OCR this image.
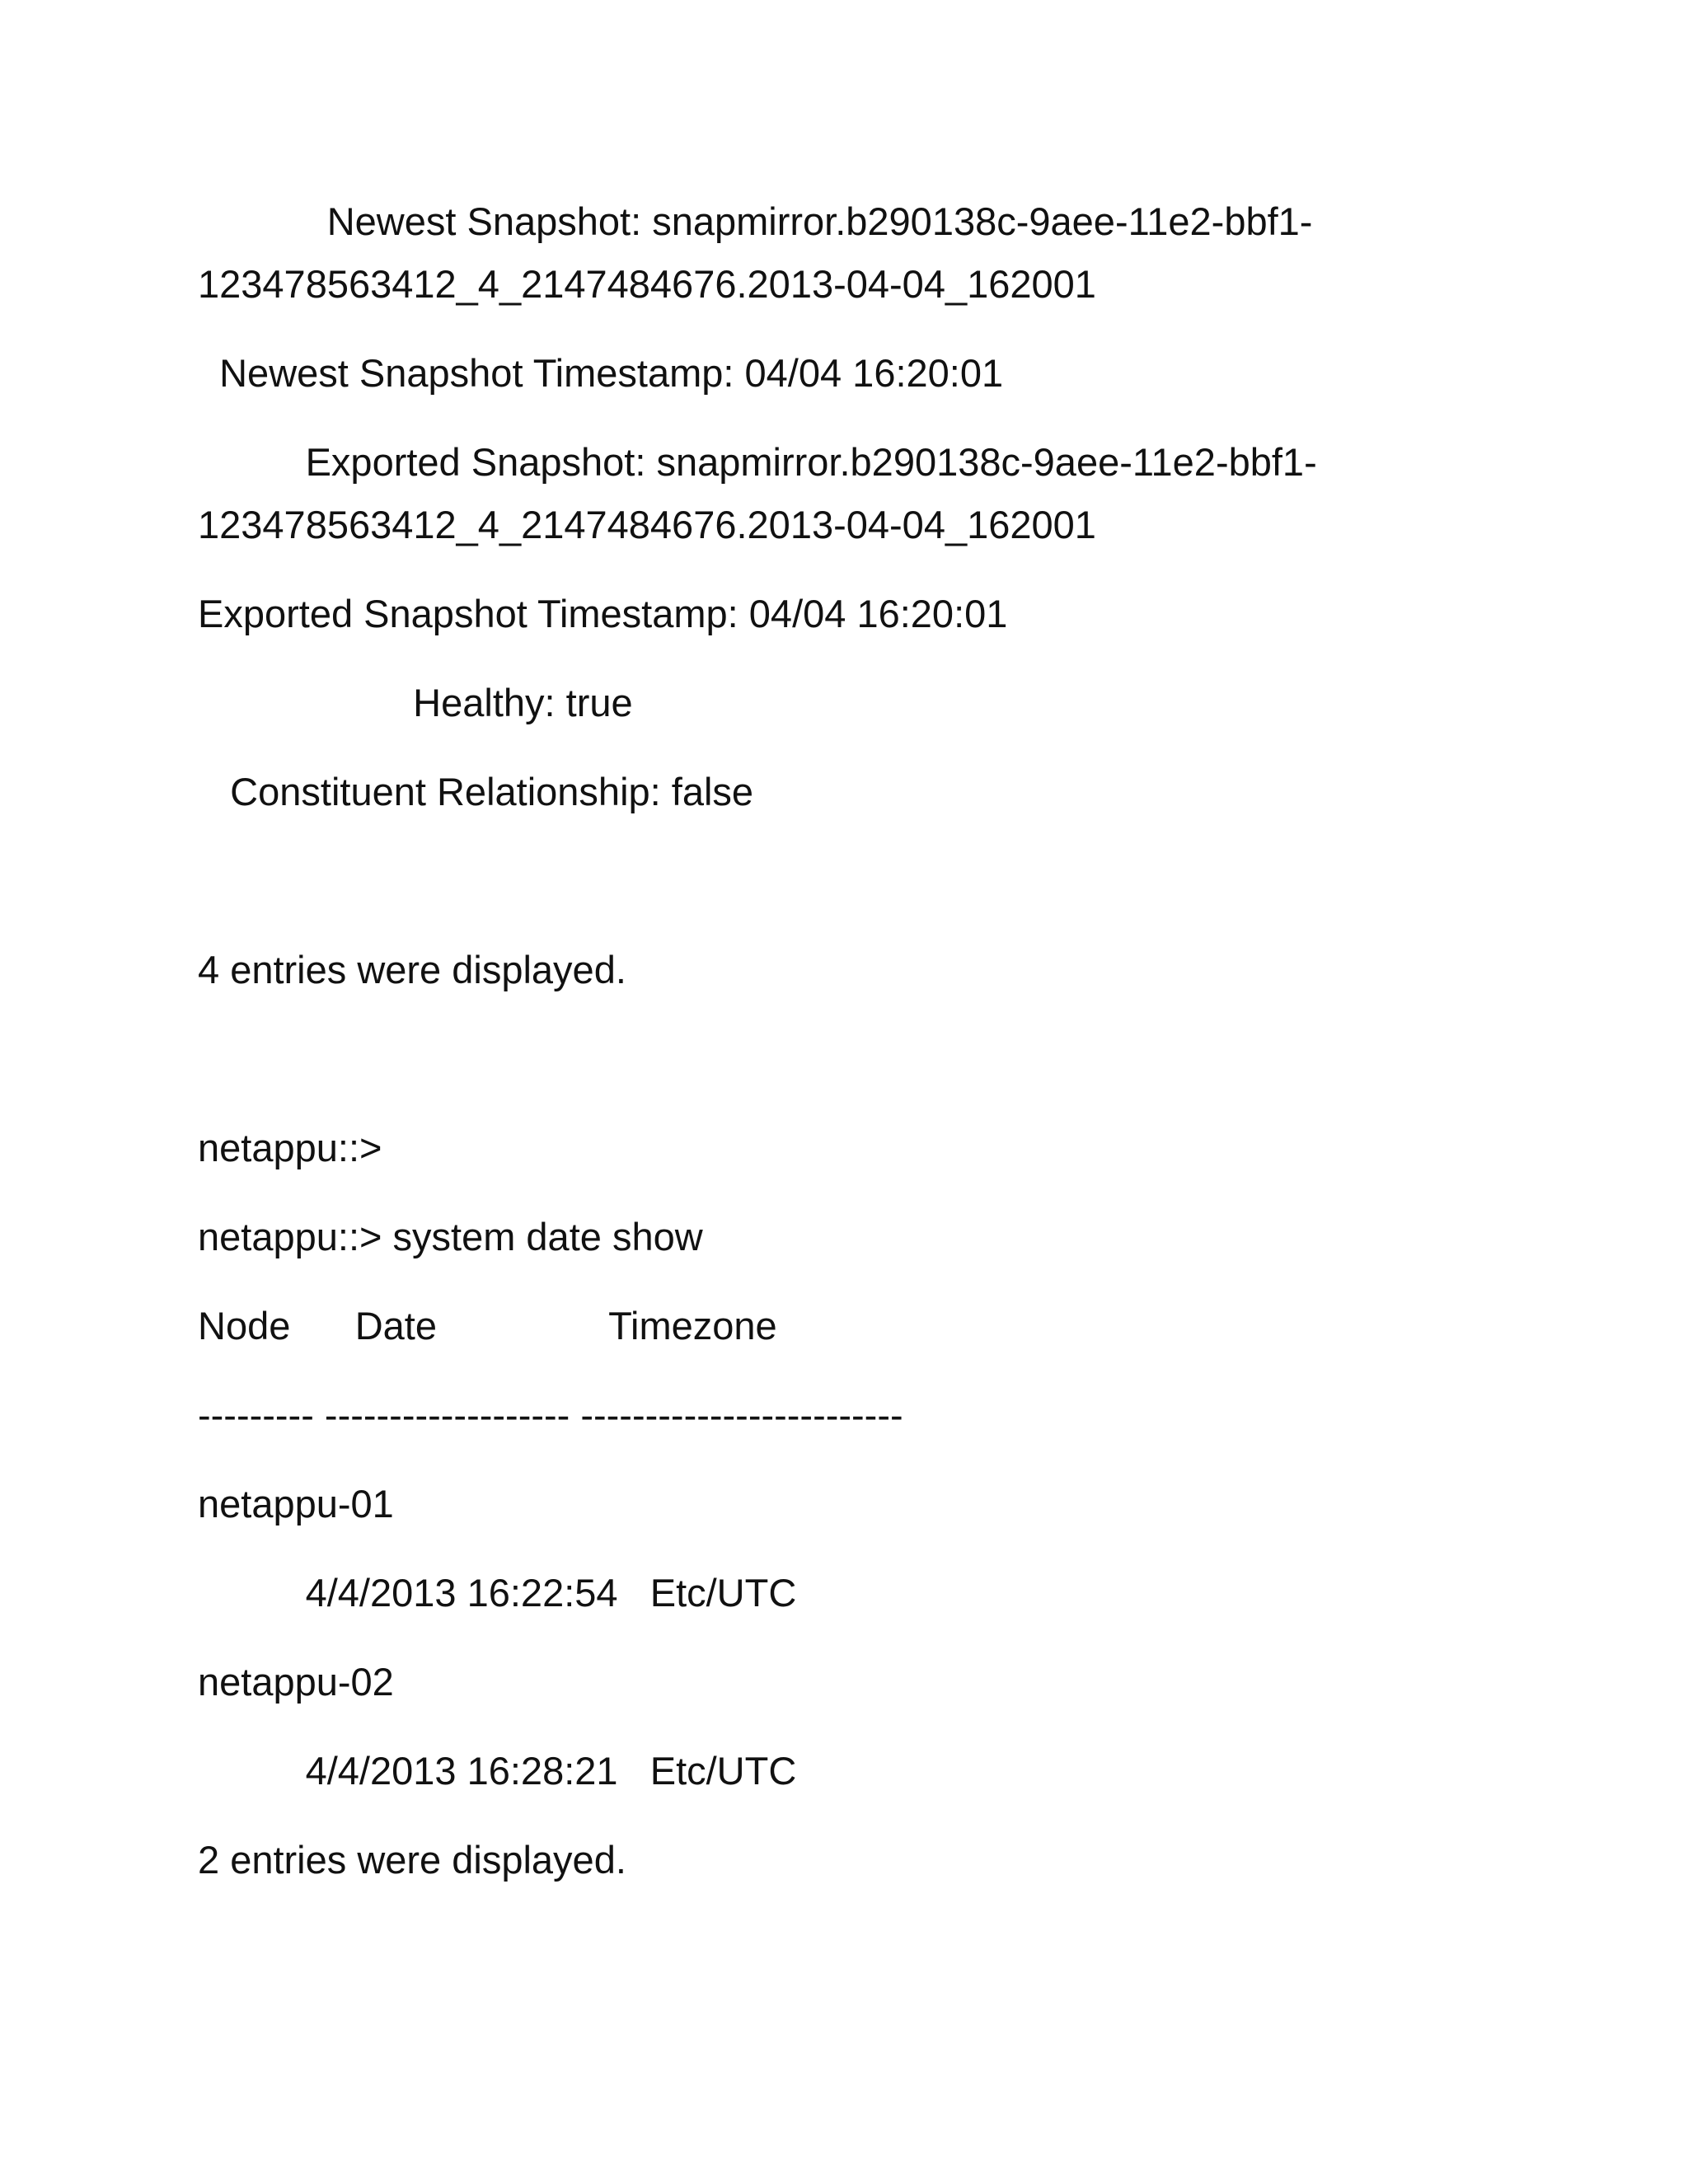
Newest Snapshot: snapmirror.b290138c-9aee-11e2-bbf1-
123478563412_4_2147484676.2013-04-04_162001
Newest Snapshot Timestamp: 04/04 16:20:01
Exported Snapshot: snapmirror.b290138c-9aee-11e2-bbf1-
123478563412_4_2147484676.2013-04-04_162001
Exported Snapshot Timestamp: 04/04 16:20:01
Healthy: true
Constituent Relationship: false
4 entries were displayed.
netappu::>
netappu::> system date show
Node      Date                Timezone
--------- ------------------- -------------------------
netappu-01
4/4/2013 16:22:54   Etc/UTC
netappu-02
4/4/2013 16:28:21   Etc/UTC
2 entries were displayed.
